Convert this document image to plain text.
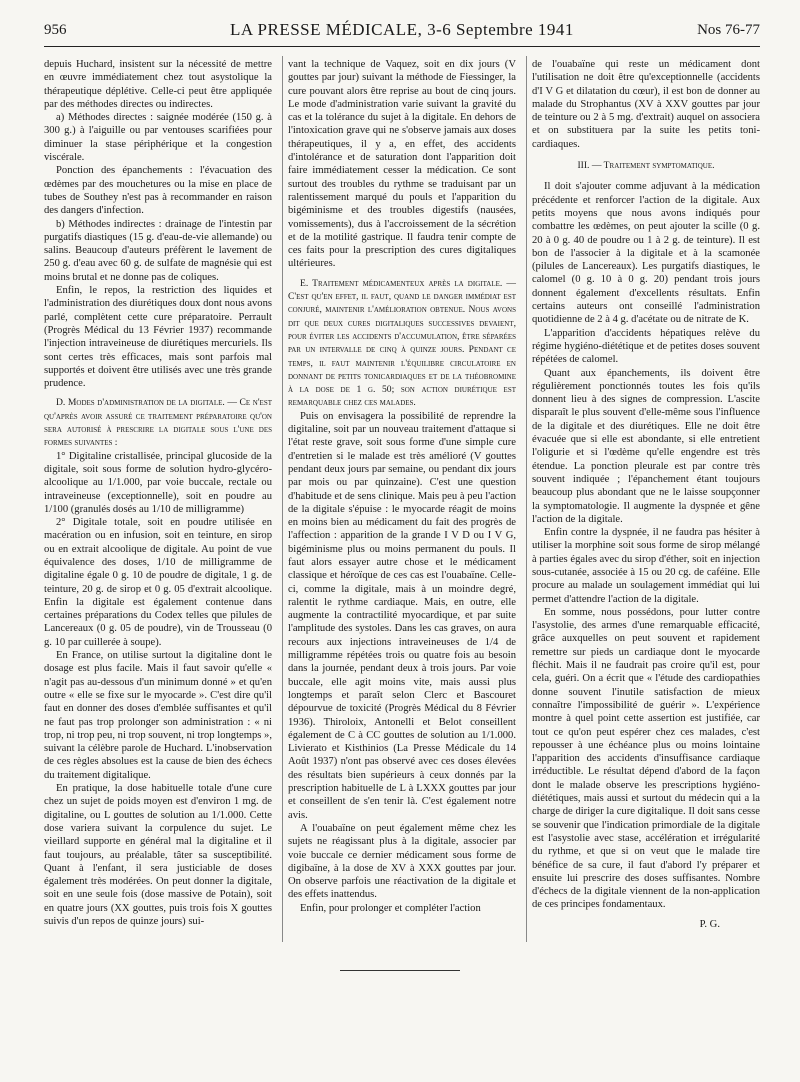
956	LA PRESSE MÉDICALE, 3-6 Septembre 1941	Nos 76-77

depuis Huchard, insistent sur la nécessité de mettre en œuvre immédiatement chez tout asystolique la thérapeutique déplétive. Celle-ci peut être appliquée par des méthodes directes ou indirectes.

a) Méthodes directes : saignée modérée (150 g. à 300 g.) à l'aiguille ou par ventouses scarifiées pour diminuer la stase périphérique et la congestion viscérale.

Ponction des épanchements : l'évacuation des œdèmes par des mouchetures ou la mise en place de tubes de Southey n'est pas à recommander en raison des dangers d'infection.

b) Méthodes indirectes : drainage de l'intestin par purgatifs diastiques (15 g. d'eau-de-vie allemande) ou salins. Beaucoup d'auteurs préfèrent le lavement de 250 g. d'eau avec 60 g. de sulfate de magnésie qui est moins brutal et ne donne pas de coliques.

Enfin, le repos, la restriction des liquides et l'administration des diurétiques doux dont nous avons parlé, complètent cette cure préparatoire. Perrault (Progrès Médical du 13 Février 1937) recommande l'injection intraveineuse de diurétiques mercuriels. Ils sont certes très efficaces, mais sont parfois mal supportés et doivent être utilisés avec une très grande prudence.

D. Modes d'administration de la digitale. — Ce n'est qu'après avoir assuré ce traitement préparatoire qu'on sera autorisé à prescrire la digitale sous l'une des formes suivantes :

1° Digitaline cristallisée, principal glucoside de la digitale, soit sous forme de solution hydro-glycéro-alcoolique au 1/1.000, par voie buccale, rectale ou intraveineuse (exceptionnelle), soit en poudre au 1/100 (granulés dosés au 1/10 de milligramme)

2° Digitale totale, soit en poudre utilisée en macération ou en infusion, soit en teinture, en sirop ou en extrait alcoolique de digitale. Au point de vue équivalence des doses, 1/10 de milligramme de digitaline égale 0 g. 10 de poudre de digitale, 1 g. de teinture, 20 g. de sirop et 0 g. 05 d'extrait alcoolique. Enfin la digitale est également contenue dans certaines préparations du Codex telles que pilules de Lancereaux (0 g. 05 de poudre), vin de Trousseau (0 g. 10 par cuillerée à soupe).

En France, on utilise surtout la digitaline dont le dosage est plus facile. Mais il faut savoir qu'elle « n'agit pas au-dessous d'un minimum donné » et qu'en outre « elle se fixe sur le myocarde ». C'est dire qu'il faut en donner des doses d'emblée suffisantes et qu'il ne faut pas trop prolonger son administration : « ni trop, ni trop peu, ni trop souvent, ni trop longtemps », suivant la célèbre parole de Huchard. L'inobservation de ces règles absolues est la cause de bien des échecs du traitement digitalique.

En pratique, la dose habituelle totale d'une cure chez un sujet de poids moyen est d'environ 1 mg. de digitaline, ou L gouttes de solution au 1/1.000. Cette dose variera suivant la corpulence du sujet. Le vieillard supporte en général mal la digitaline et il faut toujours, au préalable, tâter sa susceptibilité. Quant à l'enfant, il sera justiciable de doses également très modérées. On peut donner la digitale, soit en une seule fois (dose massive de Potain), soit en quatre jours (XX gouttes, puis trois fois X gouttes suivis d'un repos de quinze jours) sui-

vant la technique de Vaquez, soit en dix jours (V gouttes par jour) suivant la méthode de Fiessinger, la cure pouvant alors être reprise au bout de cinq jours. Le mode d'administration varie suivant la gravité du cas et la tolérance du sujet à la digitale. En dehors de l'intoxication grave qui ne s'observe jamais aux doses thérapeutiques, il y a, en effet, des accidents d'intolérance et de saturation dont l'apparition doit faire immédiatement cesser la médication. Ce sont surtout des troubles du rythme se traduisant par un ralentissement marqué du pouls et l'apparition du bigéminisme et des troubles digestifs (nausées, vomissements), dus à l'accroissement de la sécrétion et de la motilité gastrique. Il faudra tenir compte de ces faits pour la prescription des cures digitaliques ultérieures.

E. Traitement médicamenteux après la digitale. — C'est qu'en effet, il faut, quand le danger immédiat est conjuré, maintenir l'amélioration obtenue. Nous avons dit que deux cures digitaliques successives devaient, pour éviter les accidents d'accumulation, être séparées par un intervalle de cinq à quinze jours. Pendant ce temps, il faut maintenir l'équilibre circulatoire en donnant de petits tonicardiaques et de la théobromine à la dose de 1 g. 50; son action diurétique est remarquable chez ces malades.

Puis on envisagera la possibilité de reprendre la digitaline, soit par un nouveau traitement d'attaque si l'état reste grave, soit sous forme d'une simple cure d'entretien si le malade est très amélioré (V gouttes pendant deux jours par semaine, ou pendant dix jours par mois ou par quinzaine). C'est une question d'habitude et de sens clinique. Mais peu à peu l'action de la digitale s'épuise : le myocarde réagit de moins en moins bien au médicament du fait des progrès de l'affection : apparition de la grande I V D ou I V G, bigéminisme plus ou moins permanent du pouls. Il faut alors essayer autre chose et le médicament classique et héroïque de ces cas est l'ouabaïne. Celle-ci, comme la digitale, mais à un moindre degré, ralentit le rythme cardiaque. Mais, en outre, elle augmente la contractilité myocardique, et par suite l'amplitude des systoles. Dans les cas graves, on aura recours aux injections intraveineuses de 1/4 de milligramme répétées trois ou quatre fois au besoin dans la journée, pendant deux à trois jours. Par voie buccale, elle agit moins vite, mais aussi plus longtemps et paraît selon Clerc et Bascouret dépourvue de toxicité (Progrès Médical du 8 Février 1936). Thiroloix, Antonelli et Belot conseillent également de C à CC gouttes de solution au 1/1.000. Livierato et Kisthinios (La Presse Médicale du 14 Août 1937) n'ont pas observé avec ces doses élevées des résultats bien supérieurs à ceux donnés par la prescription habituelle de L à LXXX gouttes par jour et conseillent de s'en tenir là. C'est également notre avis.

A l'ouabaïne on peut également même chez les sujets ne réagissant plus à la digitale, associer par voie buccale ce dernier médicament sous forme de digibaïne, à la dose de XV à XXX gouttes par jour. On observe parfois une réactivation de la digitale et des effets inattendus.

Enfin, pour prolonger et compléter l'action

de l'ouabaïne qui reste un médicament dont l'utilisation ne doit être qu'exceptionnelle (accidents d'I V G et dilatation du cœur), il est bon de donner au malade du Strophantus (XV à XXV gouttes par jour de teinture ou 2 à 5 mg. d'extrait) auquel on associera et on substituera par la suite les petits toni-cardiaques.

III. — Traitement symptomatique.

Il doit s'ajouter comme adjuvant à la médication précédente et renforcer l'action de la digitale. Aux petits moyens que nous avons indiqués pour combattre les œdèmes, on peut ajouter la scille (0 g. 20 à 0 g. 40 de poudre ou 1 à 2 g. de teinture). Il est bon de l'associer à la digitale et à la scamonée (pilules de Lancereaux). Les purgatifs diastiques, le calomel (0 g. 10 à 0 g. 20) pendant trois jours donnent également d'excellents résultats. Enfin certains auteurs ont conseillé l'administration quotidienne de 2 à 4 g. d'acétate ou de nitrate de K.

L'apparition d'accidents hépatiques relève du régime hygiéno-diététique et de petites doses souvent répétées de calomel.

Quant aux épanchements, ils doivent être régulièrement ponctionnés toutes les fois qu'ils donnent lieu à des signes de compression. L'ascite disparaît le plus souvent d'elle-même sous l'influence de la digitale et des diurétiques. Elle ne doit être évacuée que si elle est abondante, si elle entretient l'oligurie et si l'œdème qu'elle engendre est très étendue. La ponction pleurale est par contre très souvent indiquée ; l'épanchement étant toujours beaucoup plus abondant que ne le laisse soupçonner la symptomatologie. Il augmente la dyspnée et gêne l'action de la digitale.

Enfin contre la dyspnée, il ne faudra pas hésiter à utiliser la morphine soit sous forme de sirop mélangé à parties égales avec du sirop d'éther, soit en injection sous-cutanée, associée à 15 ou 20 cg. de caféine. Elle procure au malade un soulagement immédiat qui lui permet d'attendre l'action de la digitale.

En somme, nous possédons, pour lutter contre l'asystolie, des armes d'une remarquable efficacité, grâce auxquelles on peut souvent et rapidement remettre sur pieds un cardiaque dont le myocarde fléchit. Mais il ne faudrait pas croire qu'il est, pour cela, guéri. On a écrit que « l'étude des cardiopathies donne souvent l'inutile satisfaction de mieux connaître l'impossibilité de guérir ». L'expérience montre à quel point cette assertion est justifiée, car tout ce qu'on peut espérer chez ces malades, c'est repousser à une échéance plus ou moins lointaine l'apparition des accidents d'insuffisance cardiaque irréductible. Le résultat dépend d'abord de la façon dont le malade observe les prescriptions hygiéno-diététiques, mais aussi et surtout du médecin qui a la charge de diriger la cure digitalique. Il doit sans cesse se souvenir que l'indication primordiale de la digitale est l'asystolie avec stase, accélération et irrégularité du rythme, et que si on veut que le malade tire bénéfice de sa cure, il faut d'abord l'y préparer et ensuite lui prescrire des doses suffisantes. Nombre d'échecs de la digitale viennent de la non-application de ces principes fondamentaux.

P. G.
